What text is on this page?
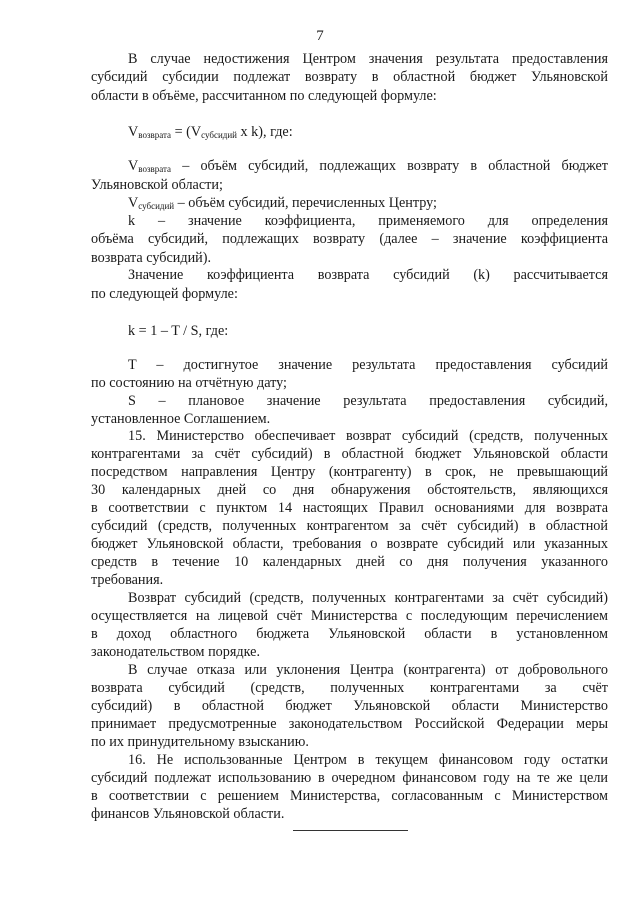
7
В случае недостижения Центром значения результата предоставления
субсидий субсидии подлежат возврату в областной бюджет Ульяновской
области в объёме, рассчитанном по следующей формуле:
$V_{возврата} = (V_{субсидий}$ x k), где:
$V_{возврата}$ – объём субсидий, подлежащих возврату в областной бюджет
Ульяновской области;
$V_{субсидий}$ – объём субсидий, перечисленных Центру;
k – значение коэффициента, применяемого для определения
объёма субсидий, подлежащих возврату (далее – значение коэффициента
возврата субсидий).
Значение коэффициента возврата субсидий (k) рассчитывается
по следующей формуле:
k = 1 – T / S, где:
T – достигнутое значение результата предоставления субсидий
по состоянию на отчётную дату;
S – плановое значение результата предоставления субсидий,
установленное Соглашением.
15. Министерство обеспечивает возврат субсидий (средств, полученных
контрагентами за счёт субсидий) в областной бюджет Ульяновской области
посредством направления Центру (контрагенту) в срок, не превышающий
30 календарных дней со дня обнаружения обстоятельств, являющихся
в соответствии с пунктом 14 настоящих Правил основаниями для возврата
субсидий (средств, полученных контрагентом за счёт субсидий) в областной
бюджет Ульяновской области, требования о возврате субсидий или указанных
средств в течение 10 календарных дней со дня получения указанного
требования.
Возврат субсидий (средств, полученных контрагентами за счёт субсидий)
осуществляется на лицевой счёт Министерства с последующим перечислением
в доход областного бюджета Ульяновской области в установленном
законодательством порядке.
В случае отказа или уклонения Центра (контрагента) от добровольного
возврата субсидий (средств, полученных контрагентами за счёт
субсидий) в областной бюджет Ульяновской области Министерство
принимает предусмотренные законодательством Российской Федерации меры
по их принудительному взысканию.
16. Не использованные Центром в текущем финансовом году остатки
субсидий подлежат использованию в очередном финансовом году на те же цели
в соответствии с решением Министерства, согласованным с Министерством
финансов Ульяновской области.
